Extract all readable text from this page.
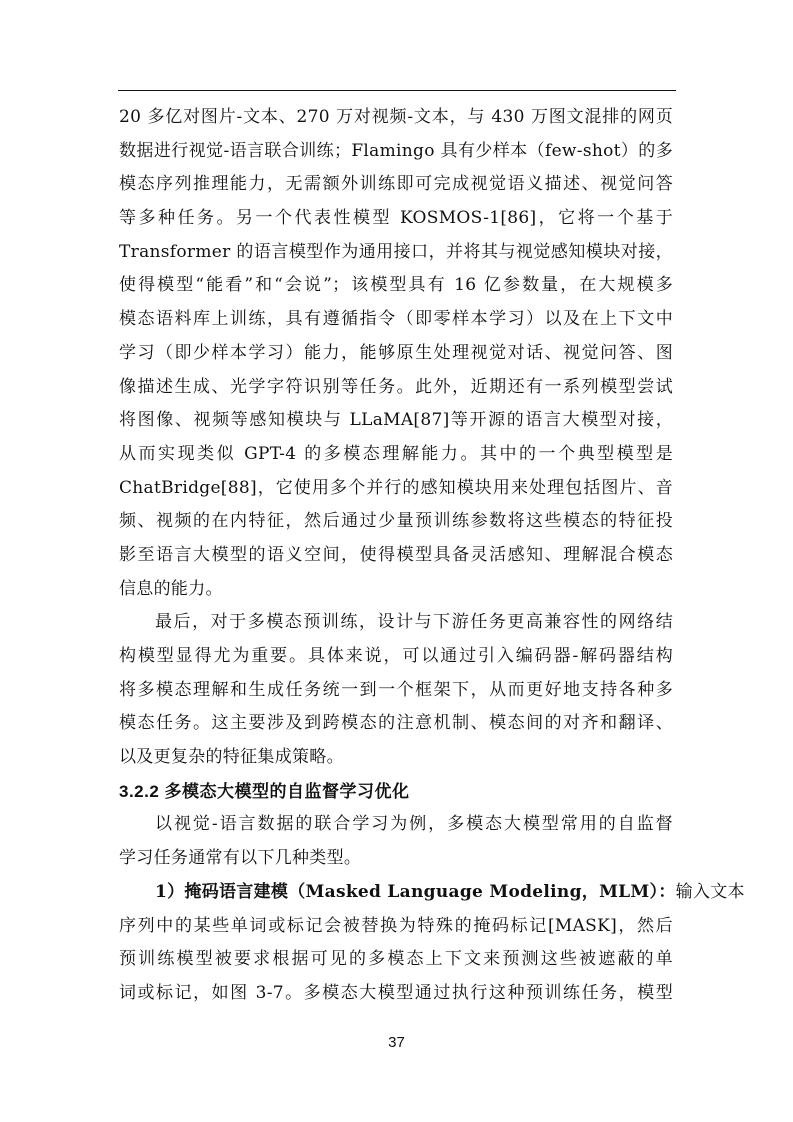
20 多亿对图片-文本、270 万对视频-文本，与 430 万图文混排的网页
数据进行视觉-语言联合训练；Flamingo 具有少样本（few-shot）的多
模态序列推理能力，无需额外训练即可完成视觉语义描述、视觉问答
等多种任务。另一个代表性模型 KOSMOS-1[86]，它将一个基于
Transformer 的语言模型作为通用接口，并将其与视觉感知模块对接，
使得模型“能看”和“会说”；该模型具有 16 亿参数量，在大规模多
模态语料库上训练，具有遵循指令（即零样本学习）以及在上下文中
学习（即少样本学习）能力，能够原生处理视觉对话、视觉问答、图
像描述生成、光学字符识别等任务。此外，近期还有一系列模型尝试
将图像、视频等感知模块与 LLaMA[87]等开源的语言大模型对接，
从而实现类似 GPT-4 的多模态理解能力。其中的一个典型模型是
ChatBridge[88]，它使用多个并行的感知模块用来处理包括图片、音
频、视频的在内特征，然后通过少量预训练参数将这些模态的特征投
影至语言大模型的语义空间，使得模型具备灵活感知、理解混合模态
信息的能力。
最后，对于多模态预训练，设计与下游任务更高兼容性的网络结
构模型显得尤为重要。具体来说，可以通过引入编码器-解码器结构
将多模态理解和生成任务统一到一个框架下，从而更好地支持各种多
模态任务。这主要涉及到跨模态的注意机制、模态间的对齐和翻译、
以及更复杂的特征集成策略。
3.2.2 多模态大模型的自监督学习优化
以视觉-语言数据的联合学习为例，多模态大模型常用的自监督
学习任务通常有以下几种类型。
1）掩码语言建模（Masked Language Modeling，MLM）：输入文本
序列中的某些单词或标记会被替换为特殊的掩码标记[MASK]，然后
预训练模型被要求根据可见的多模态上下文来预测这些被遮蔽的单
词或标记，如图 3-7。多模态大模型通过执行这种预训练任务，模型
37
